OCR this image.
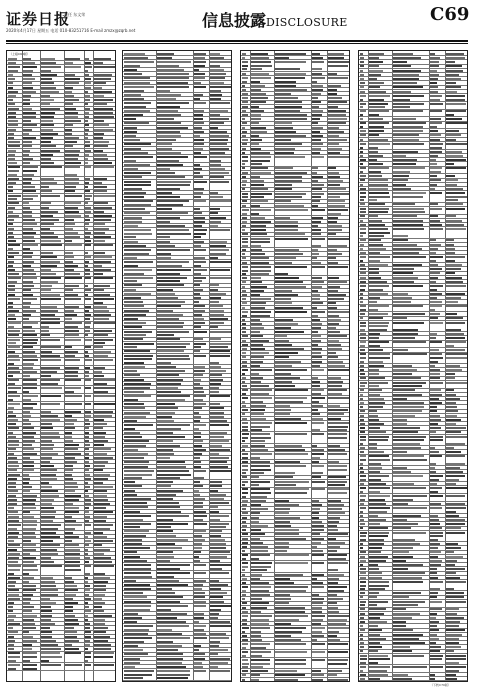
证券日报
责任 东文荣
2020年4月17日 星期五 电话 010-83251716 E-mail zmzx@zqrb.net
信息披露DISCLOSURE	C69
（上接C68版）
（下转C70版）
